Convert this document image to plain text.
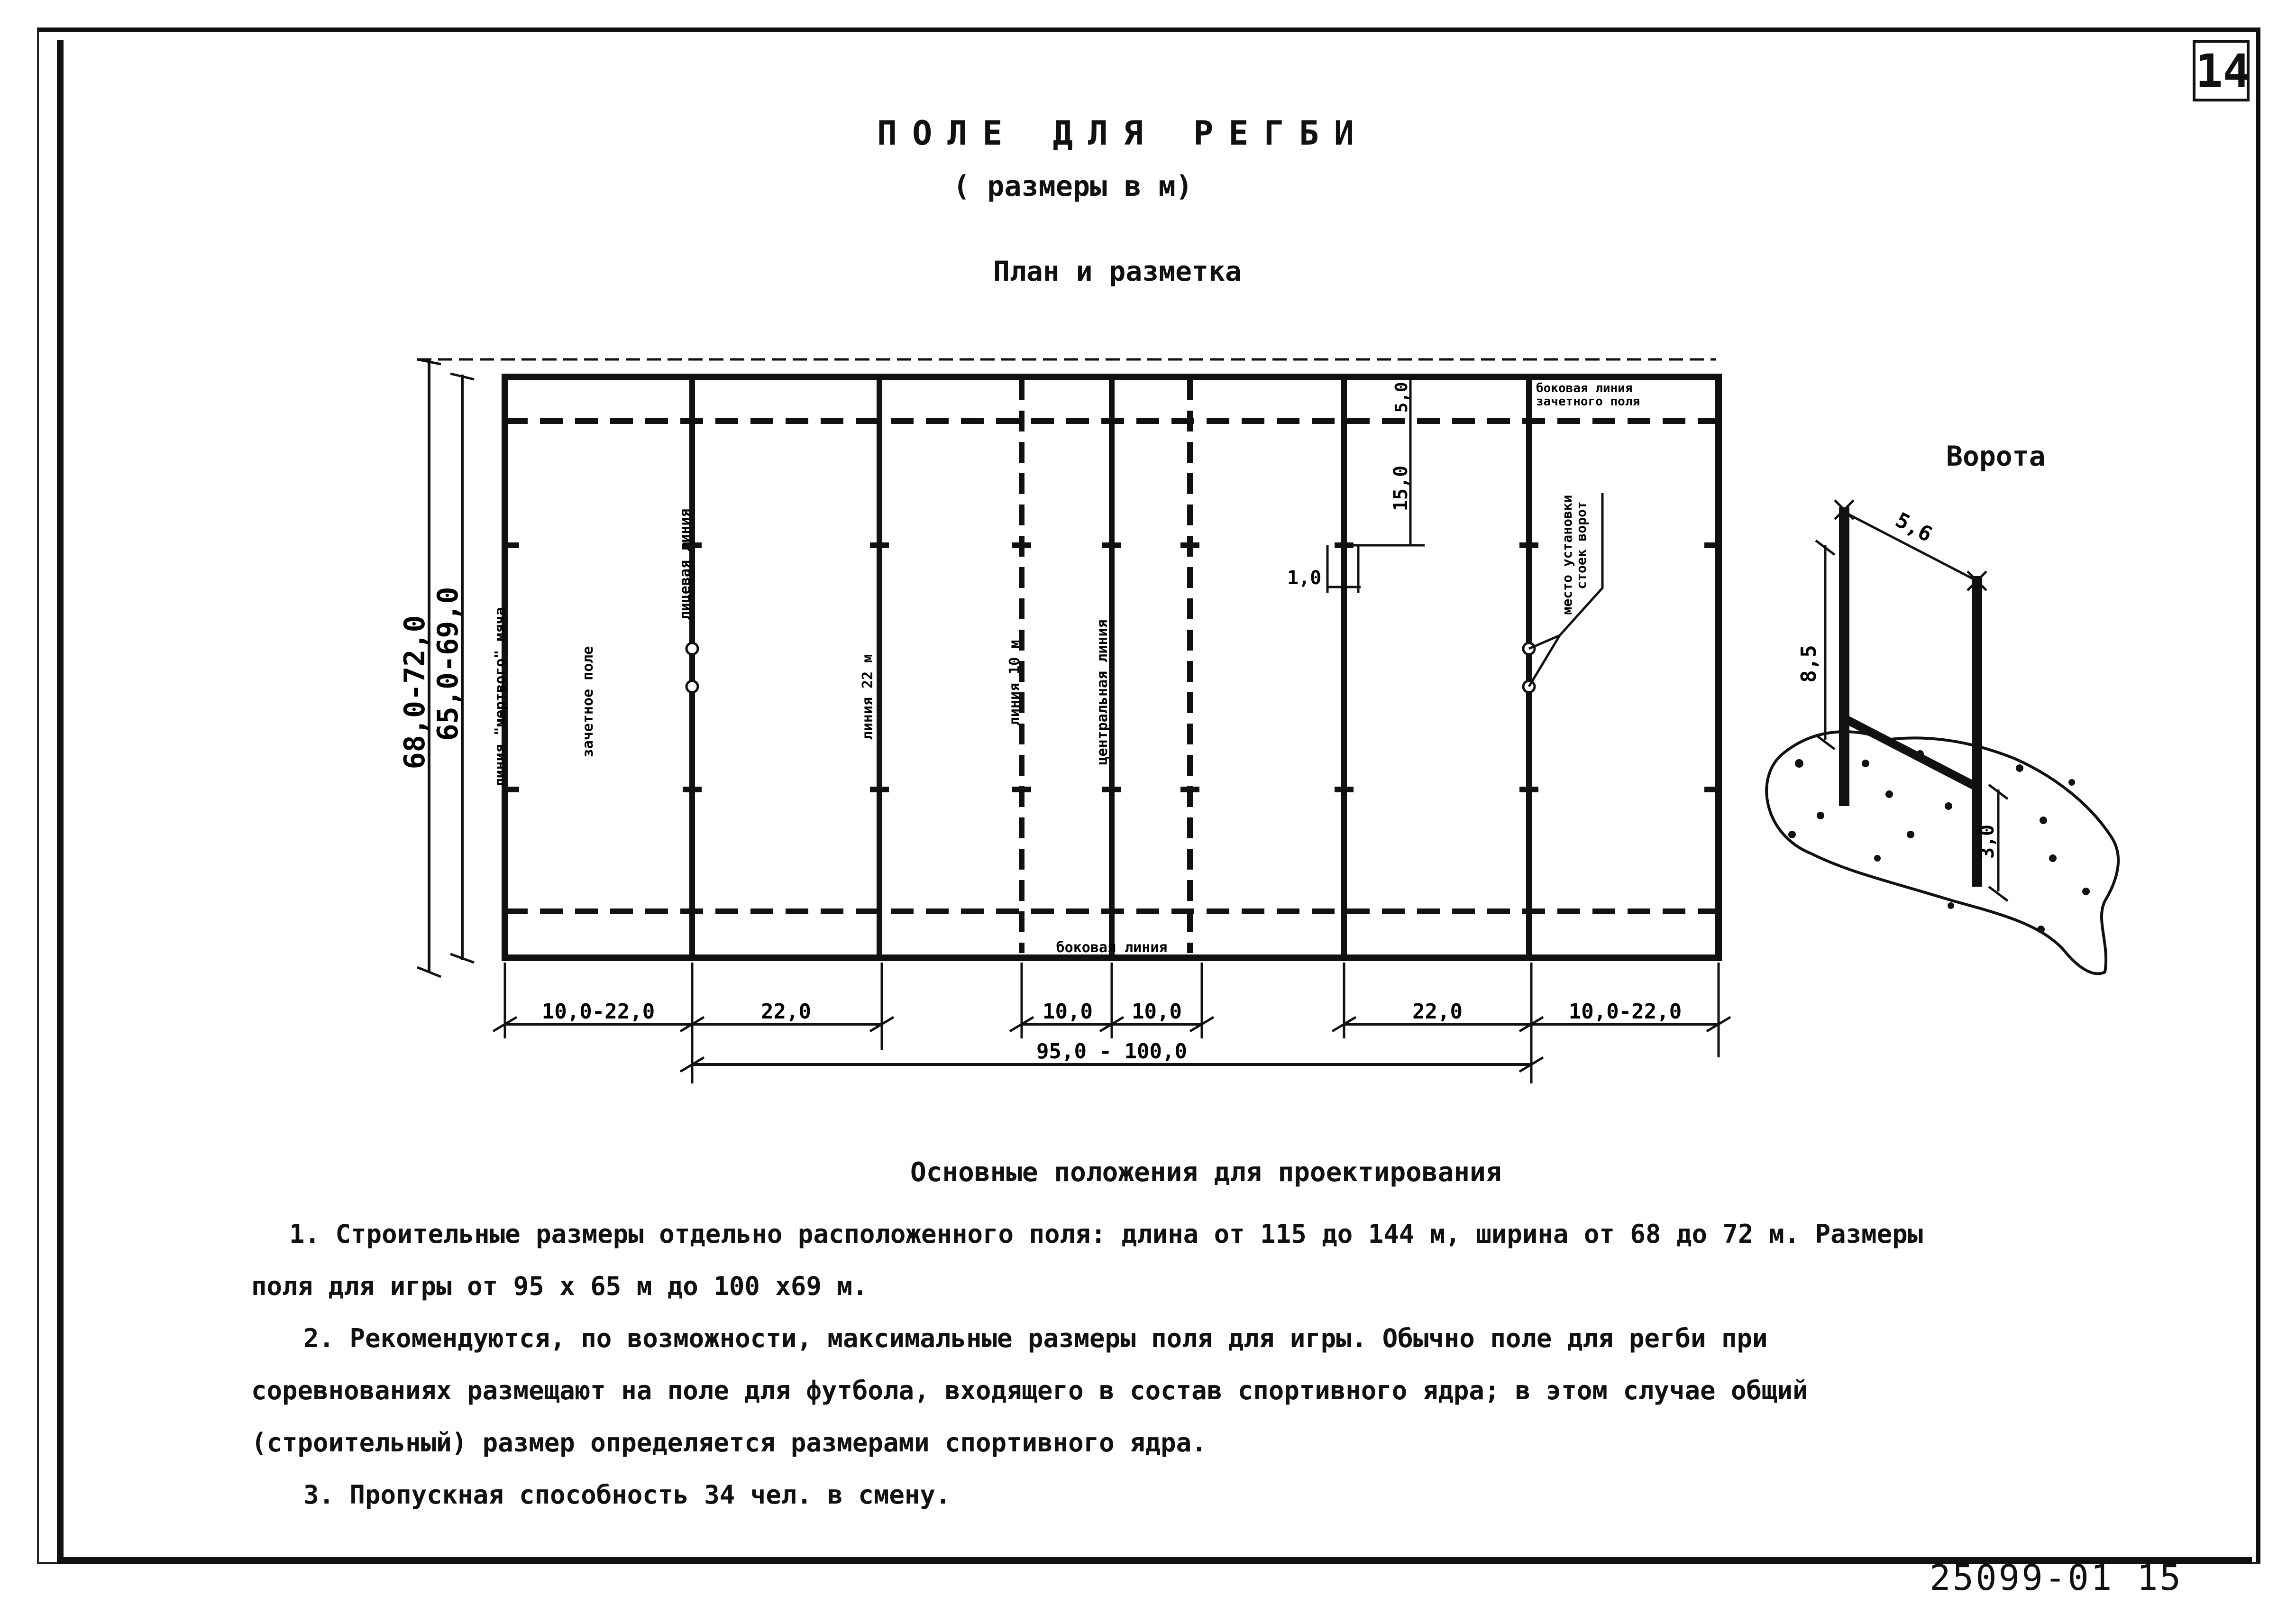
14
ПОЛЕ ДЛЯ РЕГБИ
( размеры в м)
План и разметка
Ворота
68,0-72,0 65,0-69,0 линия "мертвого" мяча	зачетное поле
лицевая линия
линия 22 м	линия 10 м	центральная линия
боковая линия
боковая линия
зачетного поля
место установки
стоек ворот
5,0
15,0
1,0
10,0-22,0	22,0	10,0 10,0	22,0	10,0-22,0
95,0 - 100,0
5,6
8,5
3,0
Основные положения для проектирования

1. Строительные размеры отдельно расположенного поля: длина от 115 до 144 м, ширина от 68 до 72 м. Размеры поля для игры от 95 х 65 м до 100 х69 м.

2. Рекомендуются, по возможности, максимальные размеры поля для игры. Обычно поле для регби при соревнованиях размещают на поле для футбола, входящего в состав спортивного ядра; в этом случае общий (строительный) размер определяется размерами спортивного ядра.

3. Пропускная способность 34 чел. в смену.

25099-01 15
